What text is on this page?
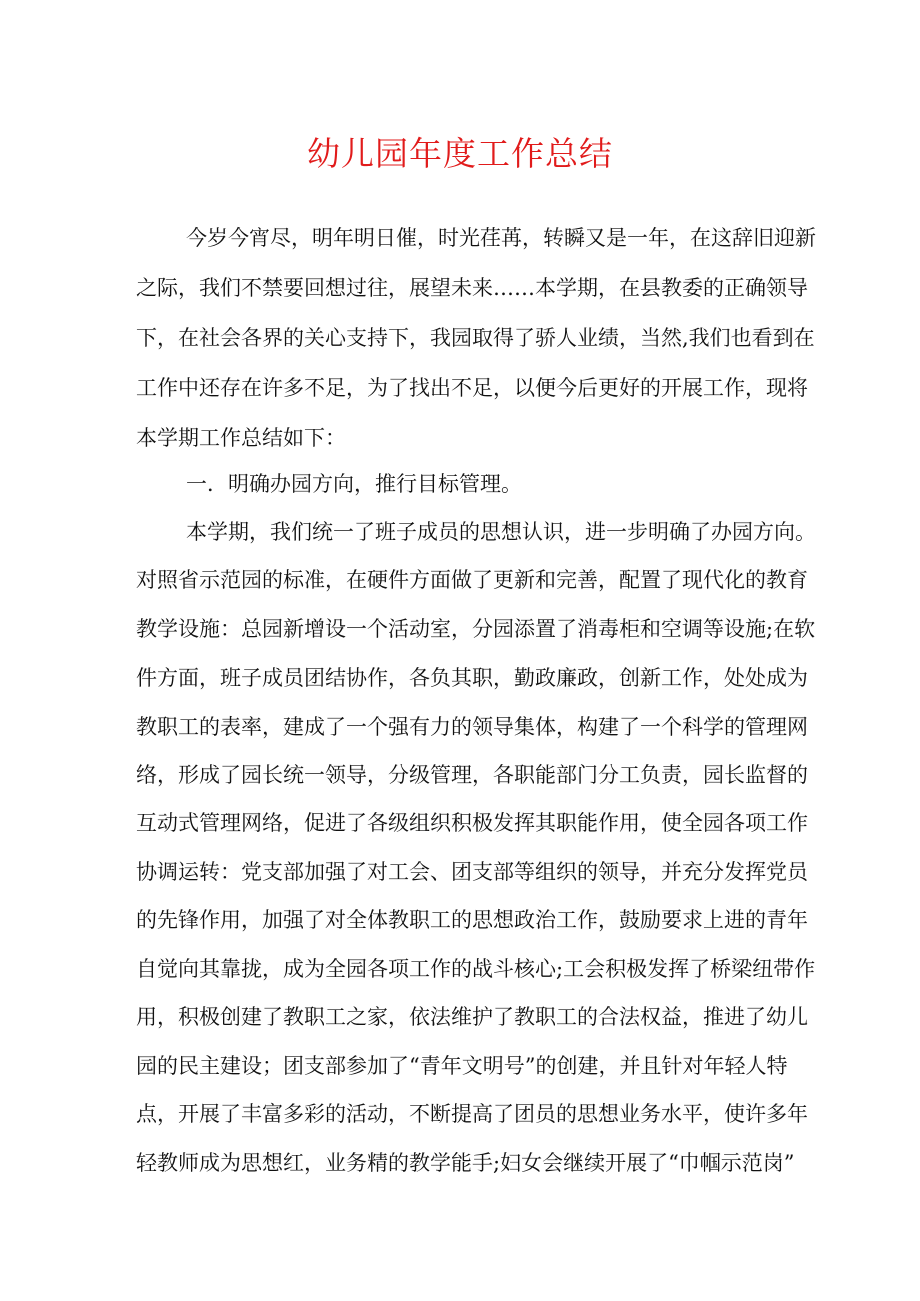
幼儿园年度工作总结

今岁今宵尽，明年明日催，时光荏苒，转瞬又是一年，在这辞旧迎新

之际，我们不禁要回想过往，展望未来……本学期，在县教委的正确领导

下，在社会各界的关心支持下，我园取得了骄人业绩，当然,我们也看到在

工作中还存在许多不足，为了找出不足，以便今后更好的开展工作，现将

本学期工作总结如下：

一．明确办园方向，推行目标管理。

本学期，我们统一了班子成员的思想认识，进一步明确了办园方向。

对照省示范园的标准，在硬件方面做了更新和完善，配置了现代化的教育

教学设施：总园新增设一个活动室，分园添置了消毒柜和空调等设施;在软

件方面，班子成员团结协作，各负其职，勤政廉政，创新工作，处处成为

教职工的表率，建成了一个强有力的领导集体，构建了一个科学的管理网

络，形成了园长统一领导，分级管理，各职能部门分工负责，园长监督的

互动式管理网络，促进了各级组织积极发挥其职能作用，使全园各项工作

协调运转：党支部加强了对工会、团支部等组织的领导，并充分发挥党员

的先锋作用，加强了对全体教职工的思想政治工作，鼓励要求上进的青年

自觉向其靠拢，成为全园各项工作的战斗核心;工会积极发挥了桥梁纽带作

用，积极创建了教职工之家，依法维护了教职工的合法权益，推进了幼儿

园的民主建设；团支部参加了“青年文明号”的创建，并且针对年轻人特

点，开展了丰富多彩的活动，不断提高了团员的思想业务水平，使许多年

轻教师成为思想红，业务精的教学能手;妇女会继续开展了“巾帼示范岗”
